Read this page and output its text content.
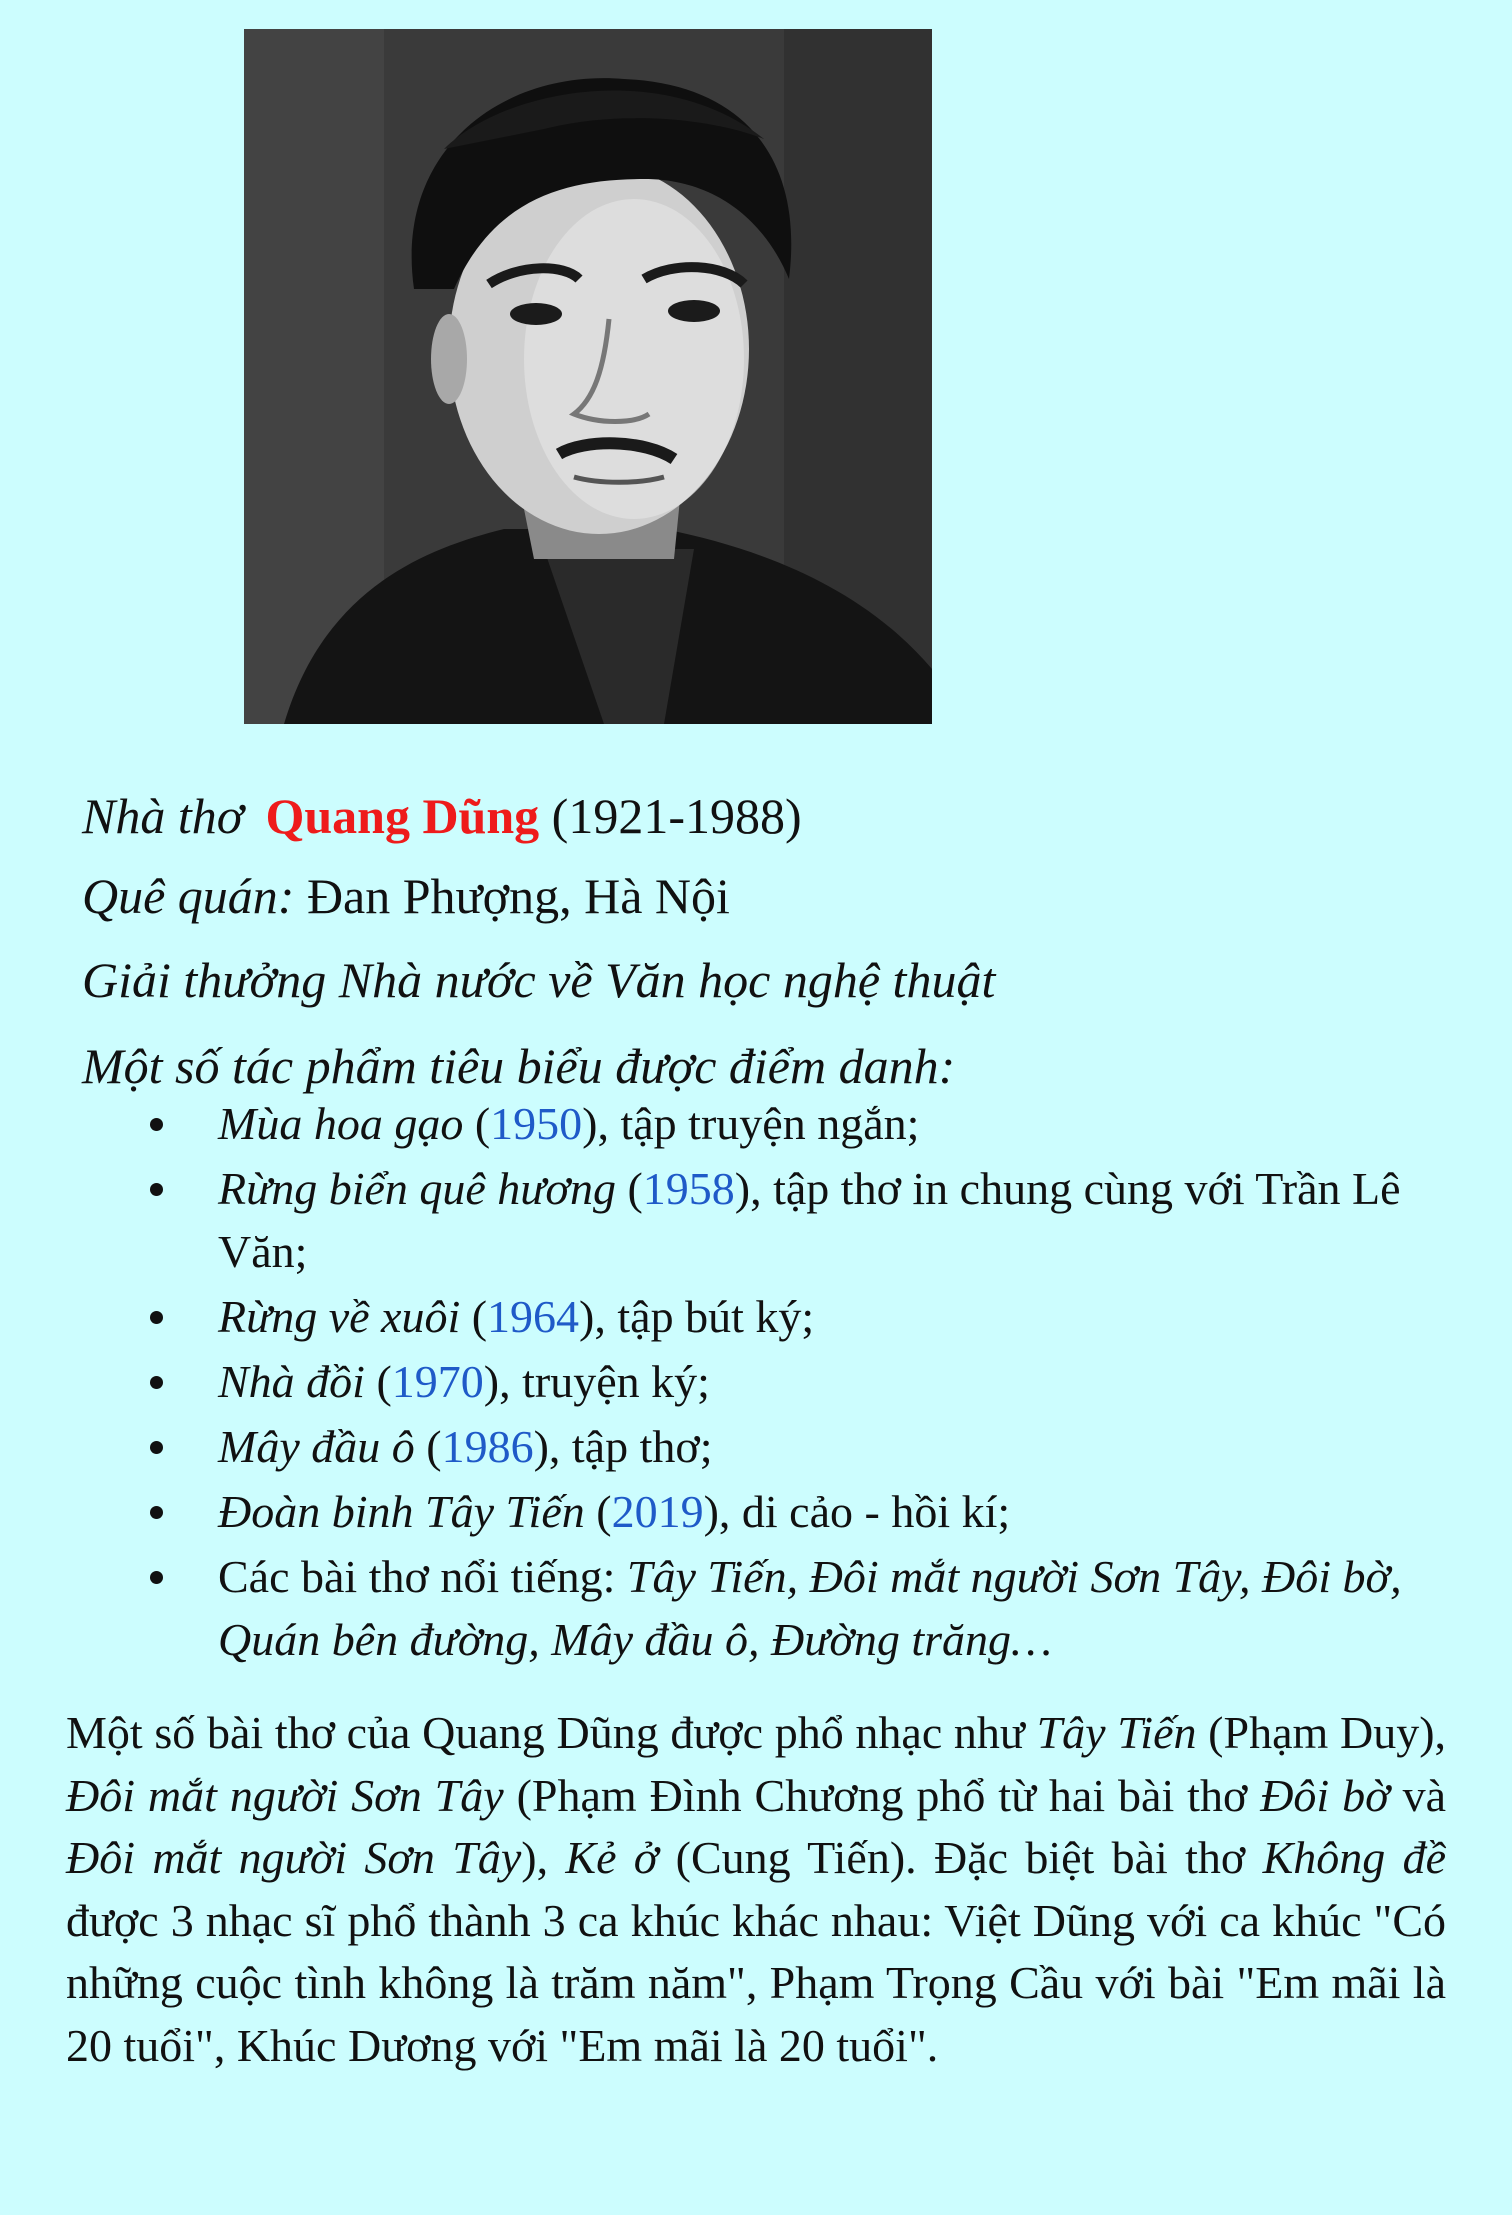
Nhà thơ Quang Dũng (1921-1988)
Quê quán: Đan Phượng, Hà Nội
Giải thưởng Nhà nước về Văn học nghệ thuật
Một số tác phẩm tiêu biểu được điểm danh:
Mùa hoa gạo (1950), tập truyện ngắn;
Rừng biển quê hương (1958), tập thơ in chung cùng với Trần Lê Văn;
Rừng về xuôi (1964), tập bút ký;
Nhà đồi (1970), truyện ký;
Mây đầu ô (1986), tập thơ;
Đoàn binh Tây Tiến (2019), di cảo - hồi kí;
Các bài thơ nổi tiếng: Tây Tiến, Đôi mắt người Sơn Tây, Đôi bờ, Quán bên đường, Mây đầu ô, Đường trăng…
Một số bài thơ của Quang Dũng được phổ nhạc như Tây Tiến (Phạm Duy), Đôi mắt người Sơn Tây (Phạm Đình Chương phổ từ hai bài thơ Đôi bờ và Đôi mắt người Sơn Tây), Kẻ ở (Cung Tiến). Đặc biệt bài thơ Không đề được 3 nhạc sĩ phổ thành 3 ca khúc khác nhau: Việt Dũng với ca khúc "Có những cuộc tình không là trăm năm", Phạm Trọng Cầu với bài "Em mãi là 20 tuổi", Khúc Dương với "Em mãi là 20 tuổi".
